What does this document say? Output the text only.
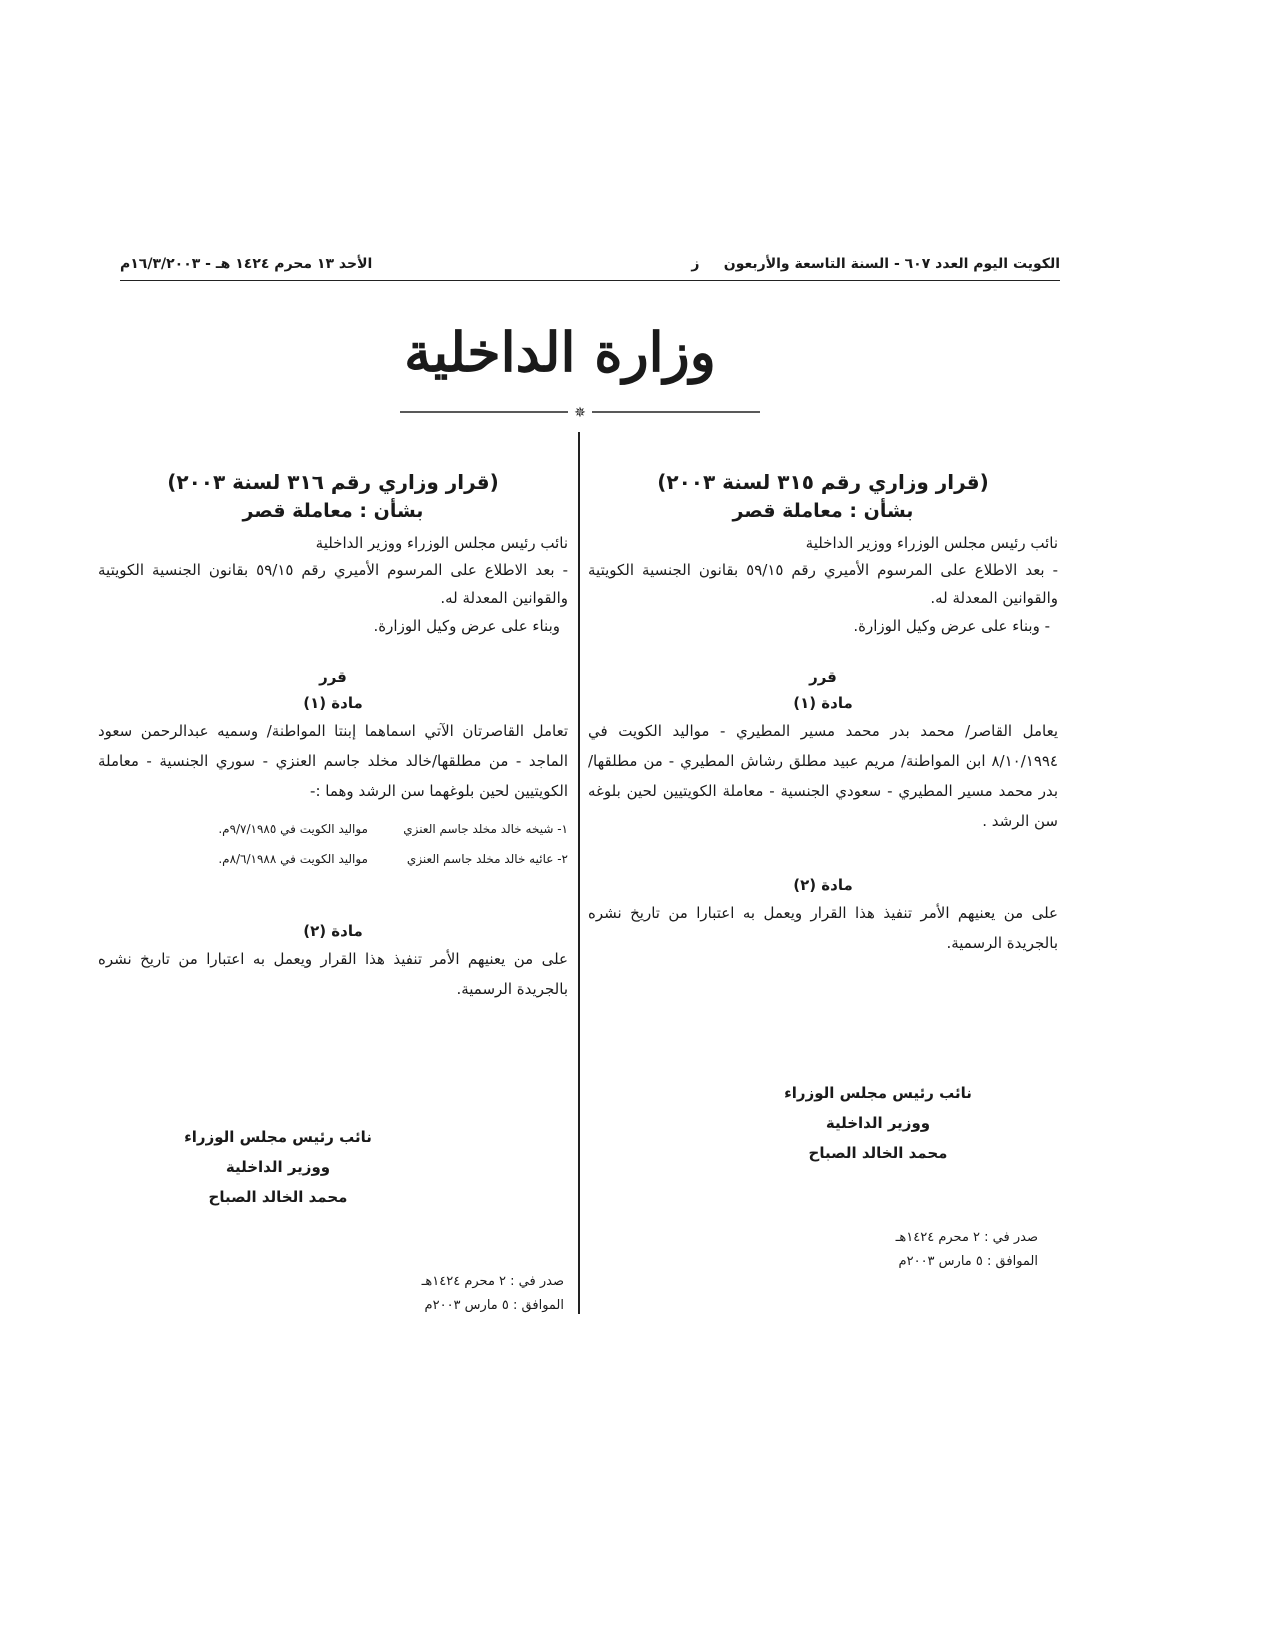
الكويت اليوم العدد ٦٠٧ - السنة التاسعة والأربعون     ز
الأحد ١٣ محرم ١٤٢٤ هـ - ١٦/٣/٢٠٠٣م
وزارة الداخلية
✵

(قرار وزاري رقم ٣١٥ لسنة ٢٠٠٣)

بشأن : معاملة قصر

نائب رئيس مجلس الوزراء ووزير الداخلية

- بعد الاطلاع على المرسوم الأميري رقم ٥٩/١٥ بقانون الجنسية الكويتية والقوانين المعدلة له.

- وبناء على عرض وكيل الوزارة.

قرر

مادة (١)

يعامل القاصر/ محمد بدر محمد مسير المطيري - مواليد الكويت في ٨/١٠/١٩٩٤ ابن المواطنة/ مريم عبيد مطلق رشاش المطيري - من مطلقها/ بدر محمد مسير المطيري - سعودي الجنسية - معاملة الكويتيين لحين بلوغه سن الرشد .

مادة (٢)

على من يعنيهم الأمر تنفيذ هذا القرار ويعمل به اعتبارا من تاريخ نشره بالجريدة الرسمية.

نائب رئيس مجلس الوزراء
ووزير الداخلية
محمد الخالد الصباح
صدر في : ٢ محرم ١٤٢٤هـ
الموافق : ٥ مارس ٢٠٠٣م

(قرار وزاري رقم ٣١٦ لسنة ٢٠٠٣)

بشأن : معاملة قصر

نائب رئيس مجلس الوزراء ووزير الداخلية

- بعد الاطلاع على المرسوم الأميري رقم ٥٩/١٥ بقانون الجنسية الكويتية والقوانين المعدلة له.

وبناء على عرض وكيل الوزارة.

قرر

مادة (١)

تعامل القاصرتان الآتي اسماهما إبنتا المواطنة/ وسميه عبدالرحمن سعود الماجد - من مطلقها/خالد مخلد جاسم العنزي - سوري الجنسية - معاملة الكويتيين لحين بلوغهما سن الرشد وهما :-

١- شيخه خالد مخلد جاسم العنزي
مواليد الكويت في ٩/٧/١٩٨٥م.
٢- عائيه خالد مخلد جاسم العنزي
مواليد الكويت في ٨/٦/١٩٨٨م.

مادة (٢)

على من يعنيهم الأمر تنفيذ هذا القرار ويعمل به اعتبارا من تاريخ نشره بالجريدة الرسمية.

نائب رئيس مجلس الوزراء
ووزير الداخلية
محمد الخالد الصباح
صدر في : ٢ محرم ١٤٢٤هـ
الموافق : ٥ مارس ٢٠٠٣م
